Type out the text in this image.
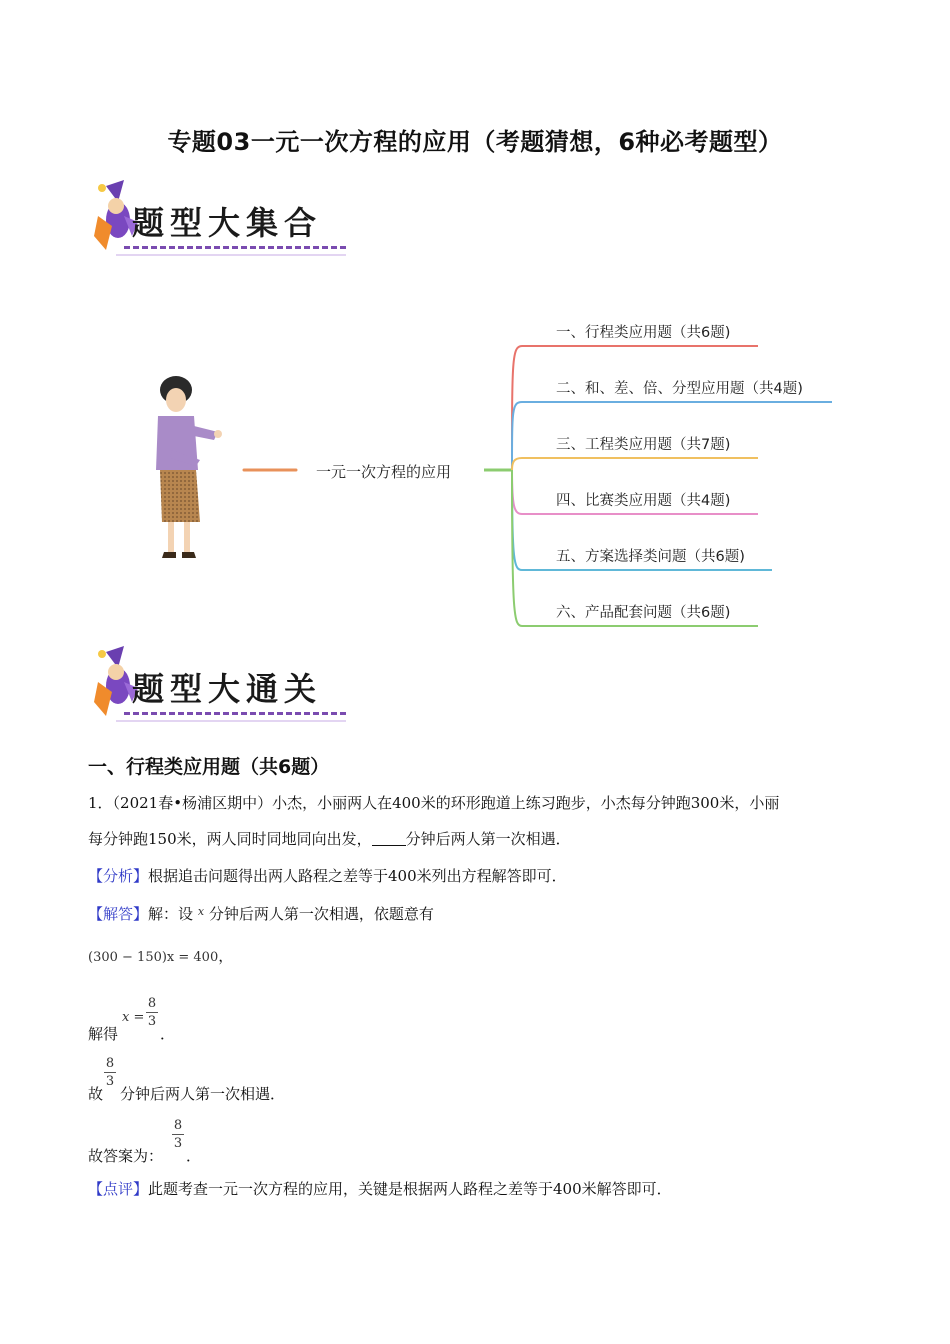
专题03一元一次方程的应用（考题猜想，6种必考题型）
题型大集合
一元一次方程的应用
一、行程类应用题（共6题)
二、和、差、倍、分型应用题（共4题)
三、工程类应用题（共7题)
四、比赛类应用题（共4题)
五、方案选择类问题（共6题)
六、产品配套问题（共6题)
题型大通关
一、行程类应用题（共6题）
1．（2021春•杨浦区期中）小杰，小丽两人在400米的环形跑道上练习跑步，小杰每分钟跑300米，小丽
每分钟跑150米，两人同时同地同向出发， 分钟后两人第一次相遇．
【分析】根据追击问题得出两人路程之差等于400米列出方程解答即可．
【解答】解：设 $^x$ 分钟后两人第一次相遇，依题意有
(300 − 150)x = 400，
解得
x =
8
3
．
故
8
3
分钟后两人第一次相遇．
故答案为：
8
3
．
【点评】此题考查一元一次方程的应用，关键是根据两人路程之差等于400米解答即可．
